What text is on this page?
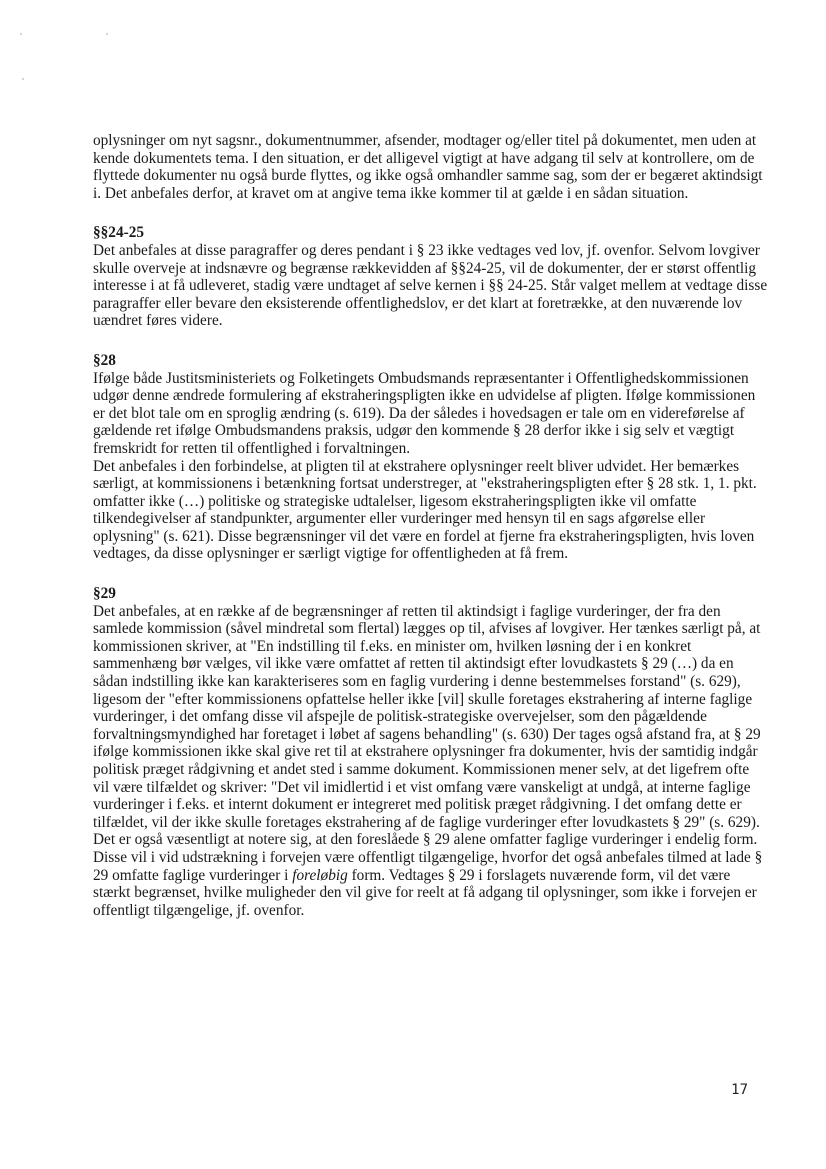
oplysninger om nyt sagsnr., dokumentnummer, afsender, modtager og/eller titel på dokumentet, men uden at kende dokumentets tema. I den situation, er det alligevel vigtigt at have adgang til selv at kontrollere, om de flyttede dokumenter nu også burde flyttes, og ikke også omhandler samme sag, som der er begæret aktindsigt i. Det anbefales derfor, at kravet om at angive tema ikke kommer til at gælde i en sådan situation.

§§24-25

Det anbefales at disse paragraffer og deres pendant i § 23 ikke vedtages ved lov, jf. ovenfor. Selvom lovgiver skulle overveje at indsnævre og begrænse rækkevidden af §§24-25, vil de dokumenter, der er størst offentlig interesse i at få udleveret, stadig være undtaget af selve kernen i §§ 24-25. Står valget mellem at vedtage disse paragraffer eller bevare den eksisterende offentlighedslov, er det klart at foretrække, at den nuværende lov uændret føres videre.

§28

Ifølge både Justitsministeriets og Folketingets Ombudsmands repræsentanter i Offentlighedskommissionen udgør denne ændrede formulering af ekstraheringspligten ikke en udvidelse af pligten. Ifølge kommissionen er det blot tale om en sproglig ændring (s. 619). Da der således i hovedsagen er tale om en videreførelse af gældende ret ifølge Ombudsmandens praksis, udgør den kommende § 28 derfor ikke i sig selv et vægtigt fremskridt for retten til offentlighed i forvaltningen.

Det anbefales i den forbindelse, at pligten til at ekstrahere oplysninger reelt bliver udvidet. Her bemærkes særligt, at kommissionens i betænkning fortsat understreger, at "ekstraheringspligten efter § 28 stk. 1, 1. pkt. omfatter ikke (…) politiske og strategiske udtalelser, ligesom ekstraheringspligten ikke vil omfatte tilkendegivelser af standpunkter, argumenter eller vurderinger med hensyn til en sags afgørelse eller oplysning" (s. 621). Disse begrænsninger vil det være en fordel at fjerne fra ekstraheringspligten, hvis loven vedtages, da disse oplysninger er særligt vigtige for offentligheden at få frem.

§29

Det anbefales, at en række af de begrænsninger af retten til aktindsigt i faglige vurderinger, der fra den samlede kommission (såvel mindretal som flertal) lægges op til, afvises af lovgiver. Her tænkes særligt på, at kommissionen skriver, at "En indstilling til f.eks. en minister om, hvilken løsning der i en konkret sammenhæng bør vælges, vil ikke være omfattet af retten til aktindsigt efter lovudkastets § 29 (…) da en sådan indstilling ikke kan karakteriseres som en faglig vurdering i denne bestemmelses forstand" (s. 629), ligesom der "efter kommissionens opfattelse heller ikke [vil] skulle foretages ekstrahering af interne faglige vurderinger, i det omfang disse vil afspejle de politisk-strategiske overvejelser, som den pågældende forvaltningsmyndighed har foretaget i løbet af sagens behandling" (s. 630) Der tages også afstand fra, at § 29 ifølge kommissionen ikke skal give ret til at ekstrahere oplysninger fra dokumenter, hvis der samtidig indgår politisk præget rådgivning et andet sted i samme dokument. Kommissionen mener selv, at det ligefrem ofte vil være tilfældet og skriver: "Det vil imidlertid i et vist omfang være vanskeligt at undgå, at interne faglige vurderinger i f.eks. et internt dokument er integreret med politisk præget rådgivning. I det omfang dette er tilfældet, vil der ikke skulle foretages ekstrahering af de faglige vurderinger efter lovudkastets § 29" (s. 629). Det er også væsentligt at notere sig, at den foreslåede § 29 alene omfatter faglige vurderinger i endelig form. Disse vil i vid udstrækning i forvejen være offentligt tilgængelige, hvorfor det også anbefales tilmed at lade § 29 omfatte faglige vurderinger i foreløbig form. Vedtages § 29 i forslagets nuværende form, vil det være stærkt begrænset, hvilke muligheder den vil give for reelt at få adgang til oplysninger, som ikke i forvejen er offentligt tilgængelige, jf. ovenfor.

17
